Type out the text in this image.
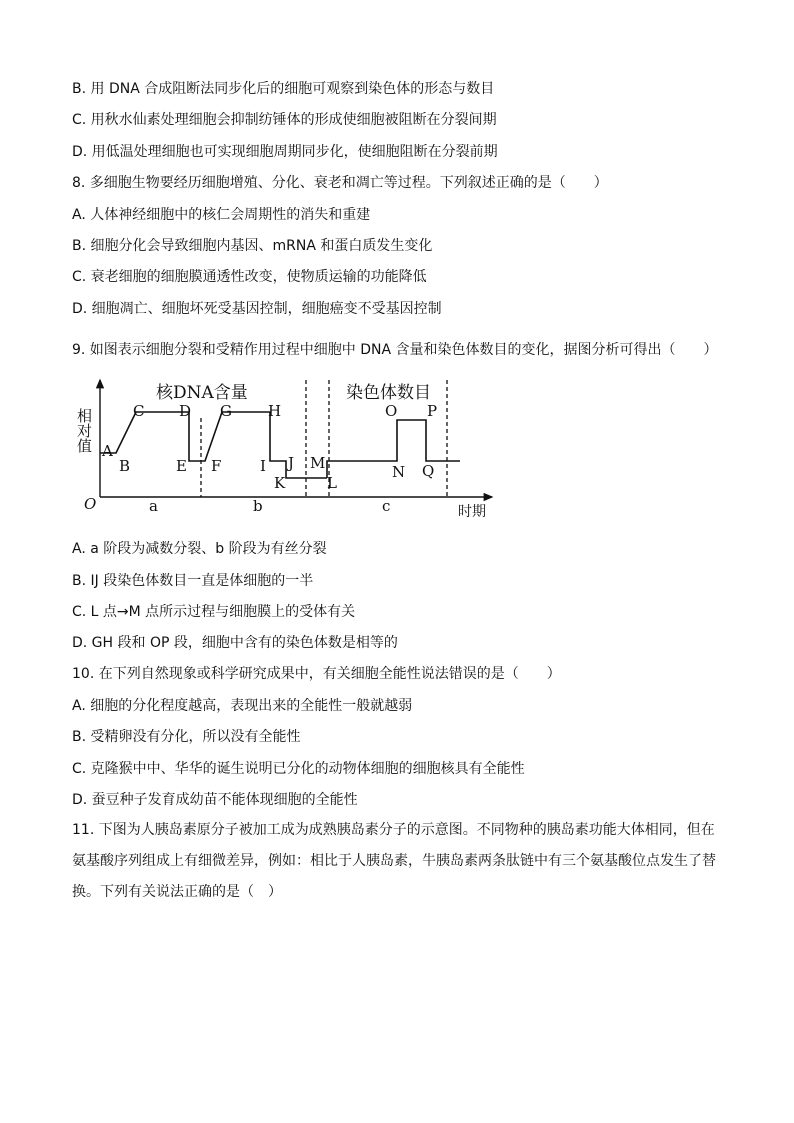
B. 用 DNA 合成阻断法同步化后的细胞可观察到染色体的形态与数目
C. 用秋水仙素处理细胞会抑制纺锤体的形成使细胞被阻断在分裂间期
D. 用低温处理细胞也可实现细胞周期同步化，使细胞阻断在分裂前期
8. 多细胞生物要经历细胞增殖、分化、衰老和凋亡等过程。下列叙述正确的是（　　）
A. 人体神经细胞中的核仁会周期性的消失和重建
B. 细胞分化会导致细胞内基因、mRNA 和蛋白质发生变化
C. 衰老细胞的细胞膜通透性改变，使物质运输的功能降低
D. 细胞凋亡、细胞坏死受基因控制，细胞癌变不受基因控制
9. 如图表示细胞分裂和受精作用过程中细胞中 DNA 含量和染色体数目的变化，据图分析可得出（　　）
相对值
O	时期
核DNA含量	染色体数目
A
B
C D
E F
G H
I J
K	L
M	N
O P
Q
a	b	c
A. a 阶段为减数分裂、b 阶段为有丝分裂
B. IJ 段染色体数目一直是体细胞的一半
C. L 点→M 点所示过程与细胞膜上的受体有关
D. GH 段和 OP 段，细胞中含有的染色体数是相等的
10. 在下列自然现象或科学研究成果中，有关细胞全能性说法错误的是（　　）
A. 细胞的分化程度越高，表现出来的全能性一般就越弱
B. 受精卵没有分化，所以没有全能性
C. 克隆猴中中、华华的诞生说明已分化的动物体细胞的细胞核具有全能性
D. 蚕豆种子发育成幼苗不能体现细胞的全能性
11. 下图为人胰岛素原分子被加工成为成熟胰岛素分子的示意图。不同物种的胰岛素功能大体相同，但在氨基酸序列组成上有细微差异，例如：相比于人胰岛素，牛胰岛素两条肽链中有三个氨基酸位点发生了替换。下列有关说法正确的是（　）
